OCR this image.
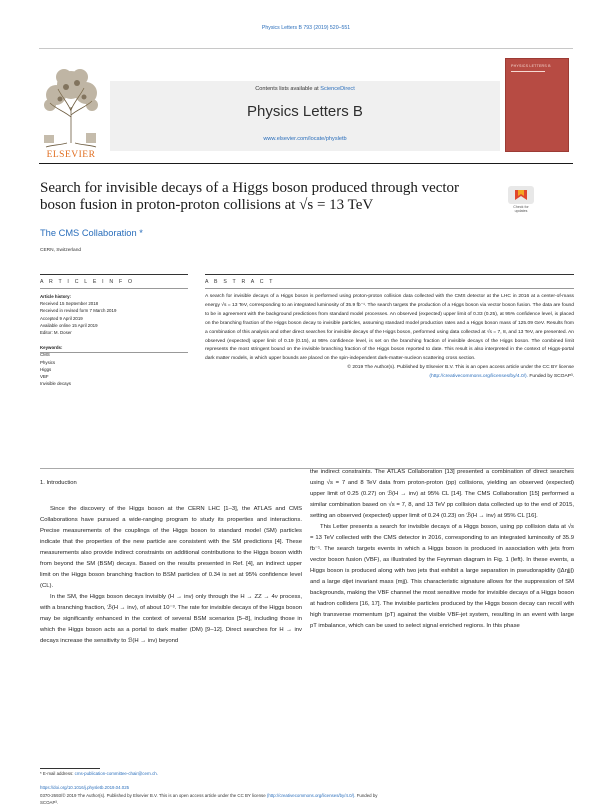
Physics Letters B 793 (2019) 520–551
ELSEVIER
Contents lists available at ScienceDirect
Physics Letters B
www.elsevier.com/locate/physletb
PHYSICS LETTERS B
Search for invisible decays of a Higgs boson produced through vector
boson fusion in proton-proton collisions at √s = 13 TeV	Check for
updates
The CMS Collaboration *
CERN, Switzerland
A R T I C L E I N F O	A B S T R A C T
Article history:
Received 15 September 2018
Received in revised form 7 March 2019
Accepted 9 April 2019
Available online 15 April 2019
Editor: M. Doser
Keywords:
CMS
Physics
Higgs
VBF
Invisible decays

A search for invisible decays of a Higgs boson is performed using proton-proton collision data collected with the CMS detector at the LHC in 2016 at a center-of-mass energy √s = 13 TeV, corresponding to an integrated luminosity of 35.9 fb⁻¹. The search targets the production of a Higgs boson via vector boson fusion. The data are found to be in agreement with the background predictions from standard model processes. An observed (expected) upper limit of 0.33 (0.25), at 95% confidence level, is placed on the branching fraction of the Higgs boson decay to invisible particles, assuming standard model production rates and a Higgs boson mass of 125.09 GeV. Results from a combination of this analysis and other direct searches for invisible decays of the Higgs boson, performed using data collected at √s = 7, 8, and 13 TeV, are presented. An observed (expected) upper limit of 0.19 (0.15), at 95% confidence level, is set on the branching fraction of invisible decays of the Higgs boson. The combined limit represents the most stringent bound on the invisible branching fraction of the Higgs boson reported to date. This result is also interpreted in the context of Higgs-portal dark matter models, in which upper bounds are placed on the spin-independent dark-matter-nucleon scattering cross section.

© 2019 The Author(s). Published by Elsevier B.V. This is an open access article under the CC BY license
(http://creativecommons.org/licenses/by/4.0/). Funded by SCOAP³.

1. Introduction

Since the discovery of the Higgs boson at the CERN LHC [1–3], the ATLAS and CMS Collaborations have pursued a wide-ranging program to study its properties and interactions. Precise measurements of the couplings of the Higgs boson to standard model (SM) particles indicate that the properties of the new particle are consistent with the SM predictions [4]. These measurements also provide indirect constraints on additional contributions to the Higgs boson width from beyond the SM (BSM) decays. Based on the results presented in Ref. [4], an indirect upper limit on the Higgs boson branching fraction to BSM particles of 0.34 is set at 95% confidence level (CL).

In the SM, the Higgs boson decays invisibly (H → inv) only through the H → ZZ → 4ν process, with a branching fraction, ℬ(H → inv), of about 10⁻³. The rate for invisible decays of the Higgs boson may be significantly enhanced in the context of several BSM scenarios [5–8], including those in which the Higgs boson acts as a portal to dark matter (DM) [9–12]. Direct searches for H → inv decays increase the sensitivity to ℬ(H → inv) beyond

the indirect constraints. The ATLAS Collaboration [13] presented a combination of direct searches using √s = 7 and 8 TeV data from proton-proton (pp) collisions, yielding an observed (expected) upper limit of 0.25 (0.27) on ℬ(H → inv) at 95% CL [14]. The CMS Collaboration [15] performed a similar combination based on √s = 7, 8, and 13 TeV pp collision data collected up to the end of 2015, setting an observed (expected) upper limit of 0.24 (0.23) on ℬ(H → inv) at 95% CL [16].

This Letter presents a search for invisible decays of a Higgs boson, using pp collision data at √s = 13 TeV collected with the CMS detector in 2016, corresponding to an integrated luminosity of 35.9 fb⁻¹. The search targets events in which a Higgs boson is produced in association with jets from vector boson fusion (VBF), as illustrated by the Feynman diagram in Fig. 1 (left). In these events, a Higgs boson is produced along with two jets that exhibit a large separation in pseudorapidity (|Δηjj|) and a large dijet invariant mass (mjj). This characteristic signature allows for the suppression of SM backgrounds, making the VBF channel the most sensitive mode for invisible decays of a Higgs boson at hadron colliders [16, 17]. The invisible particles produced by the Higgs boson decay can recoil with high transverse momentum (pT) against the visible VBF-jet system, resulting in an event with large pT imbalance, which can be used to select signal enriched regions. In this phase

* E-mail address: cms-publication-committee-chair@cern.ch.
https://doi.org/10.1016/j.physletb.2019.04.025
0370-2693/© 2019 The Author(s). Published by Elsevier B.V. This is an open access article under the CC BY license (http://creativecommons.org/licenses/by/4.0/). Funded by
SCOAP³.
